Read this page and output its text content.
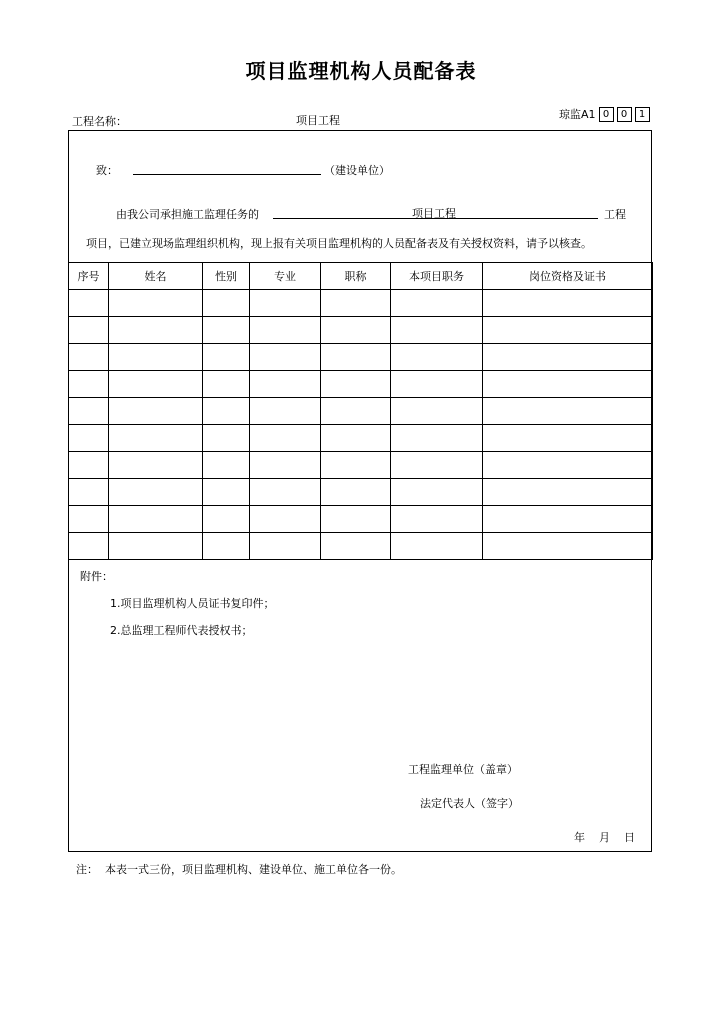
项目监理机构人员配备表
工程名称：	项目工程	琼监A1 0	0	1
致：	（建设单位）
由我公司承担施工监理任务的	项目工程	工程
项目，已建立现场监理组织机构，现上报有关项目监理机构的人员配备表及有关授权资料，请予以核查。
序号	姓名	性别	专业	职称	本项目职务	岗位资格及证书

附件：
1.项目监理机构人员证书复印件；
2.总监理工程师代表授权书；
工程监理单位（盖章）
法定代表人（签字）
年    月    日
注：  本表一式三份，项目监理机构、建设单位、施工单位各一份。
